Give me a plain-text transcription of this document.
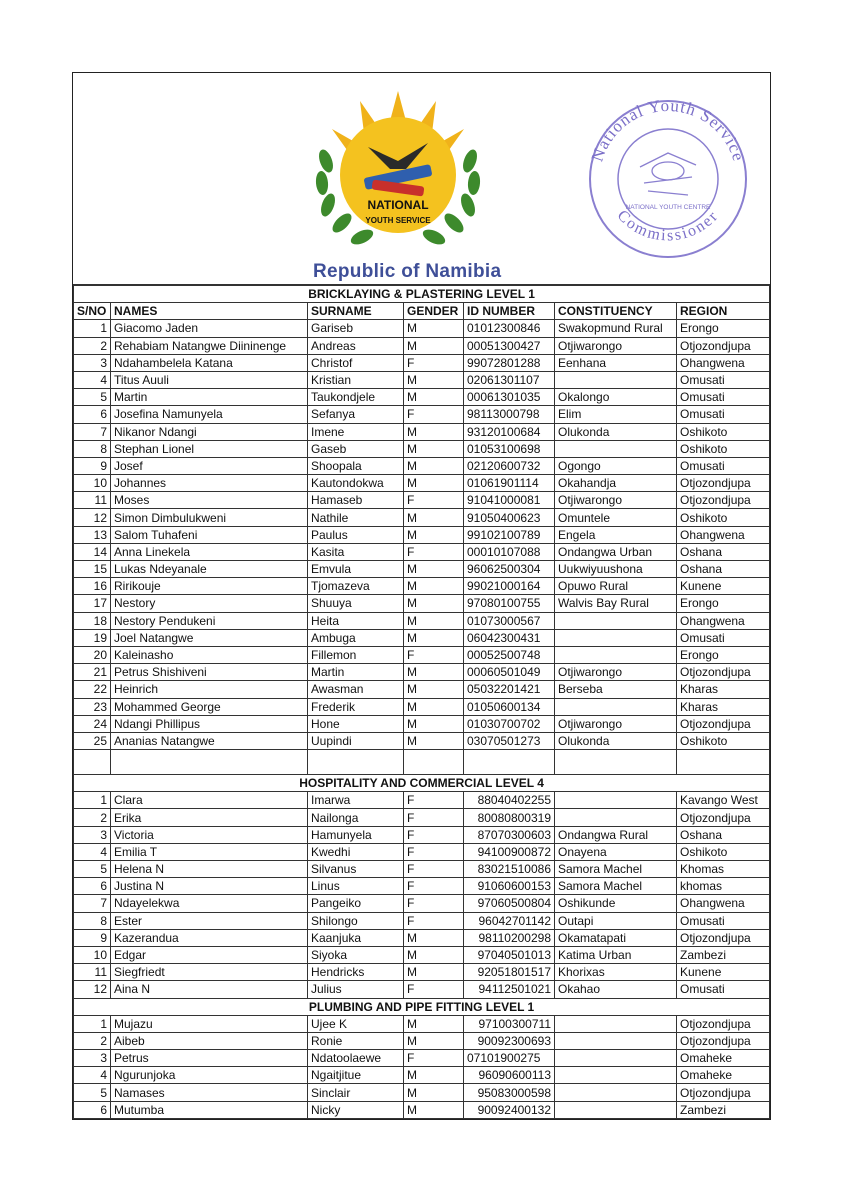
NATIONAL
YOUTH SERVICE
Republic of Namibia
National Youth Service
Commissioner
NATIONAL YOUTH CENTRE
BRICKLAYING & PLASTERING LEVEL 1						
S/NO	NAMES	SURNAME	GENDER	ID NUMBER	CONSTITUENCY	REGION
1	Giacomo Jaden	Gariseb	M	01012300846	Swakopmund Rural	Erongo
2	Rehabiam Natangwe Diininenge	Andreas	M	00051300427	Otjiwarongo	Otjozondjupa
3	Ndahambelela Katana	Christof	F	99072801288	Eenhana	Ohangwena
4	Titus Auuli	Kristian	M	02061301107		Omusati
5	Martin	Taukondjele	M	00061301035	Okalongo	Omusati
6	Josefina Namunyela	Sefanya	F	98113000798	Elim	Omusati
7	Nikanor Ndangi	Imene	M	93120100684	Olukonda	Oshikoto
8	Stephan Lionel	Gaseb	M	01053100698		Oshikoto
9	Josef	Shoopala	M	02120600732	Ogongo	Omusati
10	Johannes	Kautondokwa	M	01061901114	Okahandja	Otjozondjupa
11	Moses	Hamaseb	F	91041000081	Otjiwarongo	Otjozondjupa
12	Simon Dimbulukweni	Nathile	M	91050400623	Omuntele	Oshikoto
13	Salom Tuhafeni	Paulus	M	99102100789	Engela	Ohangwena
14	Anna Linekela	Kasita	F	00010107088	Ondangwa Urban	Oshana
15	Lukas Ndeyanale	Emvula	M	96062500304	Uukwiyuushona	Oshana
16	Ririkouje	Tjomazeva	M	99021000164	Opuwo Rural	Kunene
17	Nestory	Shuuya	M	97080100755	Walvis Bay Rural	Erongo
18	Nestory Pendukeni	Heita	M	01073000567		Ohangwena
19	Joel Natangwe	Ambuga	M	06042300431		Omusati
20	Kaleinasho	Fillemon	F	00052500748		Erongo
21	Petrus Shishiveni	Martin	M	00060501049	Otjiwarongo	Otjozondjupa
22	Heinrich	Awasman	M	05032201421	Berseba	Kharas
23	Mohammed George	Frederik	M	01050600134		Kharas
24	Ndangi Phillipus	Hone	M	01030700702	Otjiwarongo	Otjozondjupa
25	Ananias Natangwe	Uupindi	M	03070501273	Olukonda	Oshikoto

HOSPITALITY AND COMMERCIAL LEVEL 4						
1	Clara	Imarwa	F	88040402255		Kavango West
2	Erika	Nailonga	F	80080800319		Otjozondjupa
3	Victoria	Hamunyela	F	87070300603	Ondangwa Rural	Oshana
4	Emilia T	Kwedhi	F	94100900872	Onayena	Oshikoto
5	Helena N	Silvanus	F	83021510086	Samora Machel	Khomas
6	Justina N	Linus	F	91060600153	Samora Machel	khomas
7	Ndayelekwa	Pangeiko	F	97060500804	Oshikunde	Ohangwena
8	Ester	Shilongo	F	96042701142	Outapi	Omusati
9	Kazerandua	Kaanjuka	M	98110200298	Okamatapati	Otjozondjupa
10	Edgar	Siyoka	M	97040501013	Katima Urban	Zambezi
11	Siegfriedt	Hendricks	M	92051801517	Khorixas	Kunene
12	Aina N	Julius	F	94112501021	Okahao	Omusati
PLUMBING AND PIPE FITTING LEVEL 1						
1	Mujazu	Ujee K	M	97100300711		Otjozondjupa
2	Aibeb	Ronie	M	90092300693		Otjozondjupa
3	Petrus	Ndatoolaewe	F	07101900275		Omaheke
4	Ngurunjoka	Ngaitjitue	M	96090600113		Omaheke
5	Namases	Sinclair	M	95083000598		Otjozondjupa
6	Mutumba	Nicky	M	90092400132		Zambezi
